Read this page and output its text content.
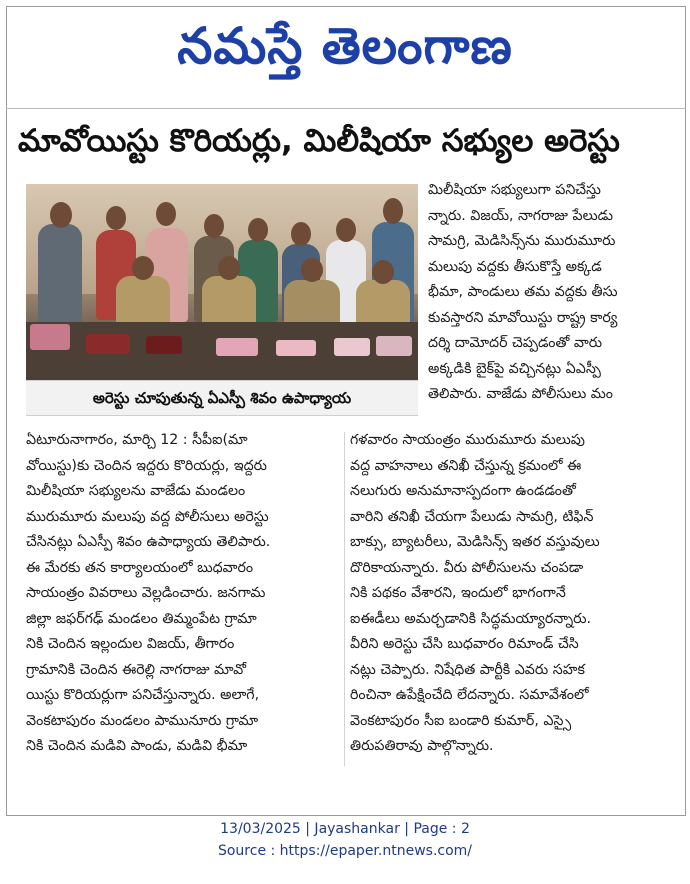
నమస్తే తెలంగాణ
మావోయిస్టు కొరియర్లు, మిలీషియా సభ్యుల అరెస్టు
అరెస్టు చూపుతున్న ఏఎస్పీ శివం ఉపాధ్యాయ

మిలీషియా సభ్యులుగా పనిచేస్తు

న్నారు. విజయ్, నాగరాజు పేలుడు

సామగ్రి, మెడిసిన్స్‌ను మురుమూరు

మలుపు వద్దకు తీసుకొస్తే అక్కడ

భీమా, పాండులు తమ వద్దకు తీసు

కువస్తారని మావోయిస్టు రాష్ట్ర కార్య

దర్శి దామోదర్ చెప్పడంతో వారు

అక్కడికి బైక్‌పై వచ్చినట్లు ఏఎస్పీ

తెలిపారు. వాజేడు పోలీసులు మం

ఏటూరునాగారం, మార్చి 12 : సీపీఐ(మా

వోయిస్టు)కు చెందిన ఇద్దరు కొరియర్లు, ఇద్దరు

మిలీషియా సభ్యులను వాజేడు మండలం

మురుమూరు మలుపు వద్ద పోలీసులు అరెస్టు

చేసినట్లు ఏఎస్పీ శివం ఉపాధ్యాయ తెలిపారు.

ఈ మేరకు తన కార్యాలయంలో బుధవారం

సాయంత్రం వివరాలు వెల్లడించారు. జనగామ

జిల్లా జఫర్‌గఢ్ మండలం తిమ్మంపేట గ్రామా

నికి చెందిన ఇల్లందుల విజయ్, తీగారం

గ్రామానికి చెందిన ఈరెల్లి నాగరాజు మావో

యిస్టు కొరియర్లుగా పనిచేస్తున్నారు. అలాగే,

వెంకటాపురం మండలం పామునూరు గ్రామా

నికి చెందిన మడివి పాండు, మడివి భీమా

గళవారం సాయంత్రం మురుమూరు మలుపు

వద్ద వాహనాలు తనిఖీ చేస్తున్న క్రమంలో ఈ

నలుగురు అనుమానాస్పదంగా ఉండడంతో

వారిని తనిఖీ చేయగా పేలుడు సామగ్రి, టిఫిన్

బాక్సు, బ్యాటరీలు, మెడిసిన్స్ ఇతర వస్తువులు

దొరికాయన్నారు. వీరు పోలీసులను చంపడా

నికి పథకం వేశారని, ఇందులో భాగంగానే

ఐఈడీలు అమర్చడానికి సిద్ధమయ్యారన్నారు.

వీరిని అరెస్టు చేసి బుధవారం రిమాండ్ చేసి

నట్లు చెప్పారు. నిషేధిత పార్టీకి ఎవరు సహక

రించినా ఉపేక్షించేది లేదన్నారు. సమావేశంలో

వెంకటాపురం సీఐ బండారి కుమార్, ఎస్సై

తిరుపతిరావు పాల్గొన్నారు.

13/03/2025 | Jayashankar | Page : 2
Source : https://epaper.ntnews.com/
